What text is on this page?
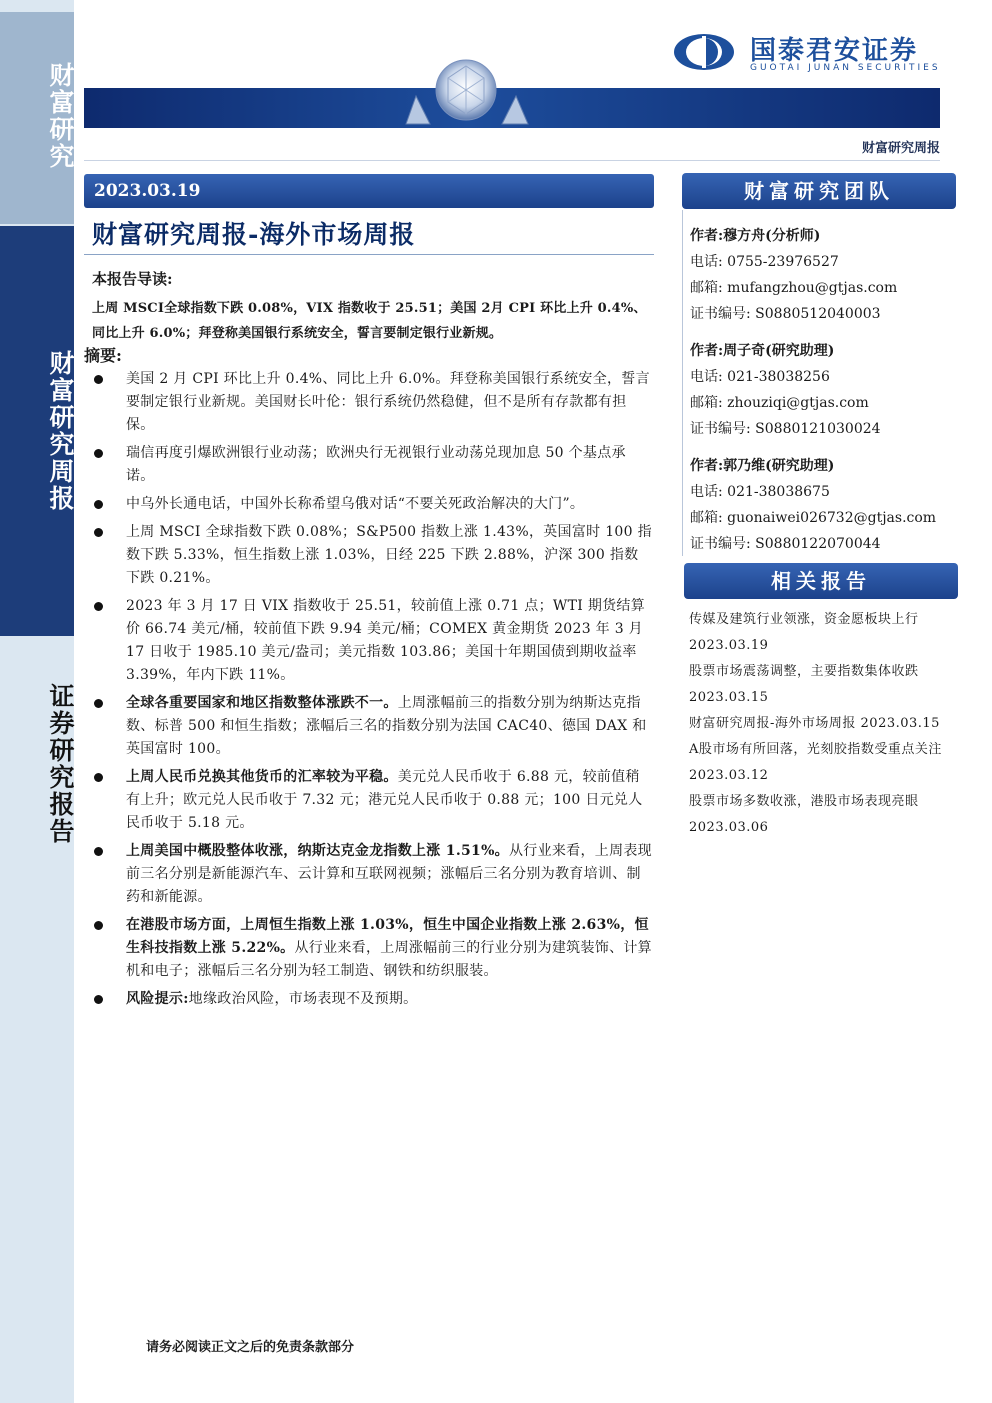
财富研究
财富研究周报
证券研究报告
国泰君安证券
GUOTAI JUNAN SECURITIES
财富研究周报
2023.03.19
财富研究周报-海外市场周报
本报告导读:
上周 MSCI全球指数下跌 0.08%，VIX 指数收于 25.51；美国 2月 CPI 环比上升 0.4%、同比上升 6.0%；拜登称美国银行系统安全，誓言要制定银行业新规。
摘要:
美国 2 月 CPI 环比上升 0.4%、同比上升 6.0%。拜登称美国银行系统安全，誓言要制定银行业新规。美国财长叶伦：银行系统仍然稳健，但不是所有存款都有担保。
瑞信再度引爆欧洲银行业动荡；欧洲央行无视银行业动荡兑现加息 50 个基点承诺。
中乌外长通电话，中国外长称希望乌俄对话“不要关死政治解决的大门”。
上周 MSCI 全球指数下跌 0.08%；S&P500 指数上涨 1.43%，英国富时 100 指数下跌 5.33%，恒生指数上涨 1.03%，日经 225 下跌 2.88%，沪深 300 指数下跌 0.21%。
2023 年 3 月 17 日 VIX 指数收于 25.51，较前值上涨 0.71 点；WTI 期货结算价 66.74 美元/桶，较前值下跌 9.94 美元/桶；COMEX 黄金期货 2023 年 3 月 17 日收于 1985.10 美元/盎司；美元指数 103.86；美国十年期国债到期收益率 3.39%，年内下跌 11%。
全球各重要国家和地区指数整体涨跌不一。上周涨幅前三的指数分别为纳斯达克指数、标普 500 和恒生指数；涨幅后三名的指数分别为法国 CAC40、德国 DAX 和英国富时 100。
上周人民币兑换其他货币的汇率较为平稳。美元兑人民币收于 6.88 元，较前值稍有上升；欧元兑人民币收于 7.32 元；港元兑人民币收于 0.88 元；100 日元兑人民币收于 5.18 元。
上周美国中概股整体收涨，纳斯达克金龙指数上涨 1.51%。从行业来看，上周表现前三名分别是新能源汽车、云计算和互联网视频；涨幅后三名分别为教育培训、制药和新能源。
在港股市场方面，上周恒生指数上涨 1.03%，恒生中国企业指数上涨 2.63%，恒生科技指数上涨 5.22%。从行业来看，上周涨幅前三的行业分别为建筑装饰、计算机和电子；涨幅后三名分别为轻工制造、钢铁和纺织服装。
风险提示:地缘政治风险，市场表现不及预期。
财富研究团队
作者:穆方舟(分析师)
电话: 0755-23976527
邮箱: mufangzhou@gtjas.com
证书编号: S0880512040003
作者:周子奇(研究助理)
电话: 021-38038256
邮箱: zhouziqi@gtjas.com
证书编号: S0880121030024
作者:郭乃维(研究助理)
电话: 021-38038675
邮箱: guonaiwei026732@gtjas.com
证书编号: S0880122070044
相关报告
传媒及建筑行业领涨，资金愿板块上行
2023.03.19
股票市场震荡调整，主要指数集体收跌
2023.03.15
财富研究周报-海外市场周报 2023.03.15
A股市场有所回落，光刻胶指数受重点关注 2023.03.12
股票市场多数收涨，港股市场表现亮眼
2023.03.06
请务必阅读正文之后的免责条款部分
